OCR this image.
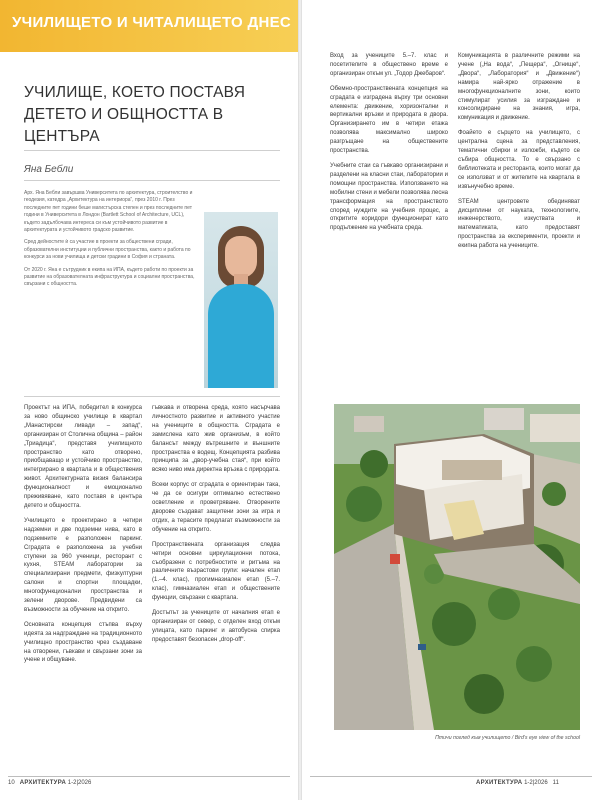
УЧИЛИЩЕТО И ЧИТАЛИЩЕТО ДНЕС
УЧИЛИЩЕ, КОЕТО ПОСТАВЯ ДЕТЕТО И ОБЩНОСТТА В ЦЕНТЪРА
Яна Бебли

Арх. Яна Бебли завършва Университета по архитектура, строителство и геодезия, катедра „Архитектура на интериора“, през 2010 г. През последните пет години беше магистърска степен и през последните пет години в Университета в Лондон (Bartlett School of Architecture, UCL), където задълбочава интереса си към устойчивото развитие в архитектурата и устойчивото градско развитие.

Сред дейностите ѝ са участие в проекти за обществени сгради, образователни институции и публични пространства, както и работа по конкурси за нови училища и детски градини в София и страната.

От 2020 г. Яна е сътрудник в екипа на ИПА, където работи по проекти за развитие на образователната инфраструктура и социални пространства, свързани с общността.

Проектът на ИПА, победител в конкурса за ново общинско училище в квартал „Манастирски ливади – запад“, организиран от Столична община – район „Триадица“, представя училищното пространство като отворено, приобщаващо и устойчиво пространство, интегрирано в квартала и в обществения живот. Архитектурната визия балансира функционалност и емоционално преживяване, като поставя в центъра детето и общността.

Училището е проектирано в четири надземни и две подземни нива, като в подземните е разположен паркинг. Сградата е разположена за учебни ступени за 960 ученици, ресторант с кухня, STEAM лаборатории за специализирани предмети, физкултурни салони и спортни площадки, многофункционални пространства и зелени дворове. Предвидени са възможности за обучение на открито.

Основната концепция стъпва върху идеята за надграждане на традиционното училищно пространство чрез създаване на отворени, гъвкави и свързани зони за учене и общуване.

гъвкава и отворена среда, която насърчава личностното развитие и активното участие на учениците в общността. Сградата е замислена като жив организъм, в който балансът между вътрешните и външните пространства е водещ. Концепцията разбива принципа за „двор-учебна стая“, при който всяко ниво има директна връзка с природата.

Всеки корпус от сградата е ориентиран така, че да се осигури оптимално естествено осветление и проветряване. Отворените дворове създават защитени зони за игра и отдих, а терасите предлагат възможности за обучение на открито.

Пространствената организация следва четири основни циркулационни потока, съобразени с потребностите и ритъма на различните възрастови групи: начален етап (1.–4. клас), прогимназиален етап (5.–7. клас), гимназиален етап и обществените функции, свързани с квартала.

Достъпът за учениците от началния етап е организиран от север, с отделен вход откъм улицата, като паркинг и автобусна спирка предоставят безопасен „drop-off“.

10 АРХИТЕКТУРА 1-2|2026

Вход за учениците 5.–7. клас и посетителите в обществено време е организиран откъм ул. „Тодор Джебаров“.

Обемно-пространствената концепция на сградата е изградена върху три основни елемента: движение, хоризонтални и вертикални връзки и природата в двора. Организирането им в четири етажа позволява максимално широко разгръщане на обществените пространства.

Учебните стаи са гъвкаво организирани и разделени на класни стаи, лаборатории и помощни пространства. Използването на мобилни стени и мебели позволява лесна трансформация на пространството според нуждите на учебния процес, а откритите коридори функционират като продължение на учебната среда.

Комуникацията в различните режими на учене („На вода“, „Пещера“, „Огнище“, „Двора“, „Лаборатория“ и „Движение“) намира най-ярко отражение в многофункционалните зони, които стимулират усилия за изграждане и консолидиране на знания, игра, комуникация и движение.

Фоайето е сърцето на училището, с централна сцена за представления, тематични сбирки и изложби, където се събира общността. То е свързано с библиотеката и ресторанта, които могат да се използват и от жителите на квартала в извънучебно време.

STEAM центровете обединяват дисциплини от науката, технологиите, инженерството, изкуствата и математиката, като предоставят пространства за експерименти, проекти и екипна работа на учениците.

Птичи поглед към училището / Bird's eye view of the school
АРХИТЕКТУРА 1-2|2026 11
